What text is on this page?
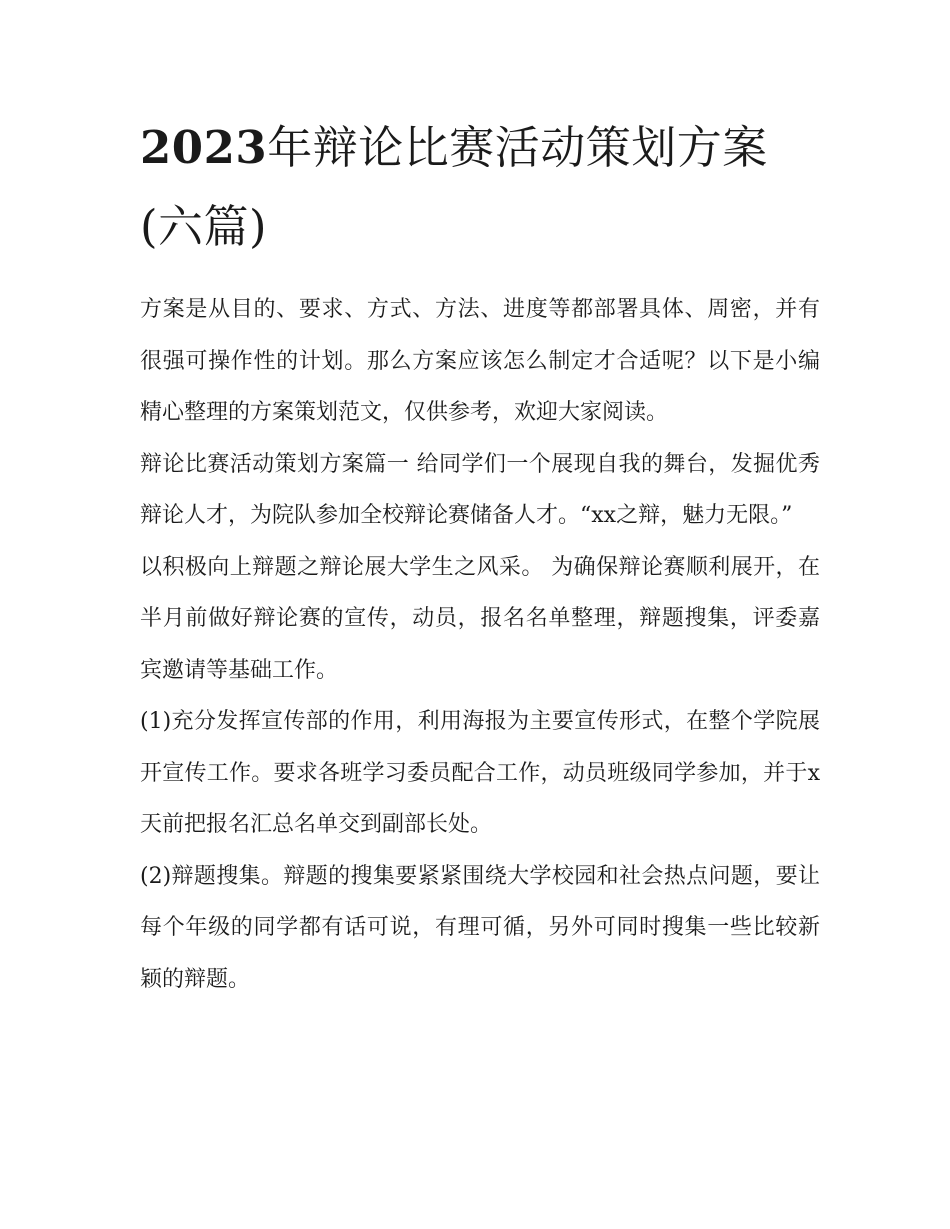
2023年辩论比赛活动策划方案(六篇)

方案是从目的、要求、方式、方法、进度等都部署具体、周密，并有很强可操作性的计划。那么方案应该怎么制定才合适呢？以下是小编精心整理的方案策划范文，仅供参考，欢迎大家阅读。

辩论比赛活动策划方案篇一 给同学们一个展现自我的舞台，发掘优秀辩论人才，为院队参加全校辩论赛储备人才。“xx之辩，魅力无限。”

以积极向上辩题之辩论展大学生之风采。 为确保辩论赛顺利展开，在半月前做好辩论赛的宣传，动员，报名名单整理，辩题搜集，评委嘉宾邀请等基础工作。

(1)充分发挥宣传部的作用，利用海报为主要宣传形式，在整个学院展开宣传工作。要求各班学习委员配合工作，动员班级同学参加，并于x天前把报名汇总名单交到副部长处。

(2)辩题搜集。辩题的搜集要紧紧围绕大学校园和社会热点问题，要让每个年级的同学都有话可说，有理可循，另外可同时搜集一些比较新颖的辩题。
